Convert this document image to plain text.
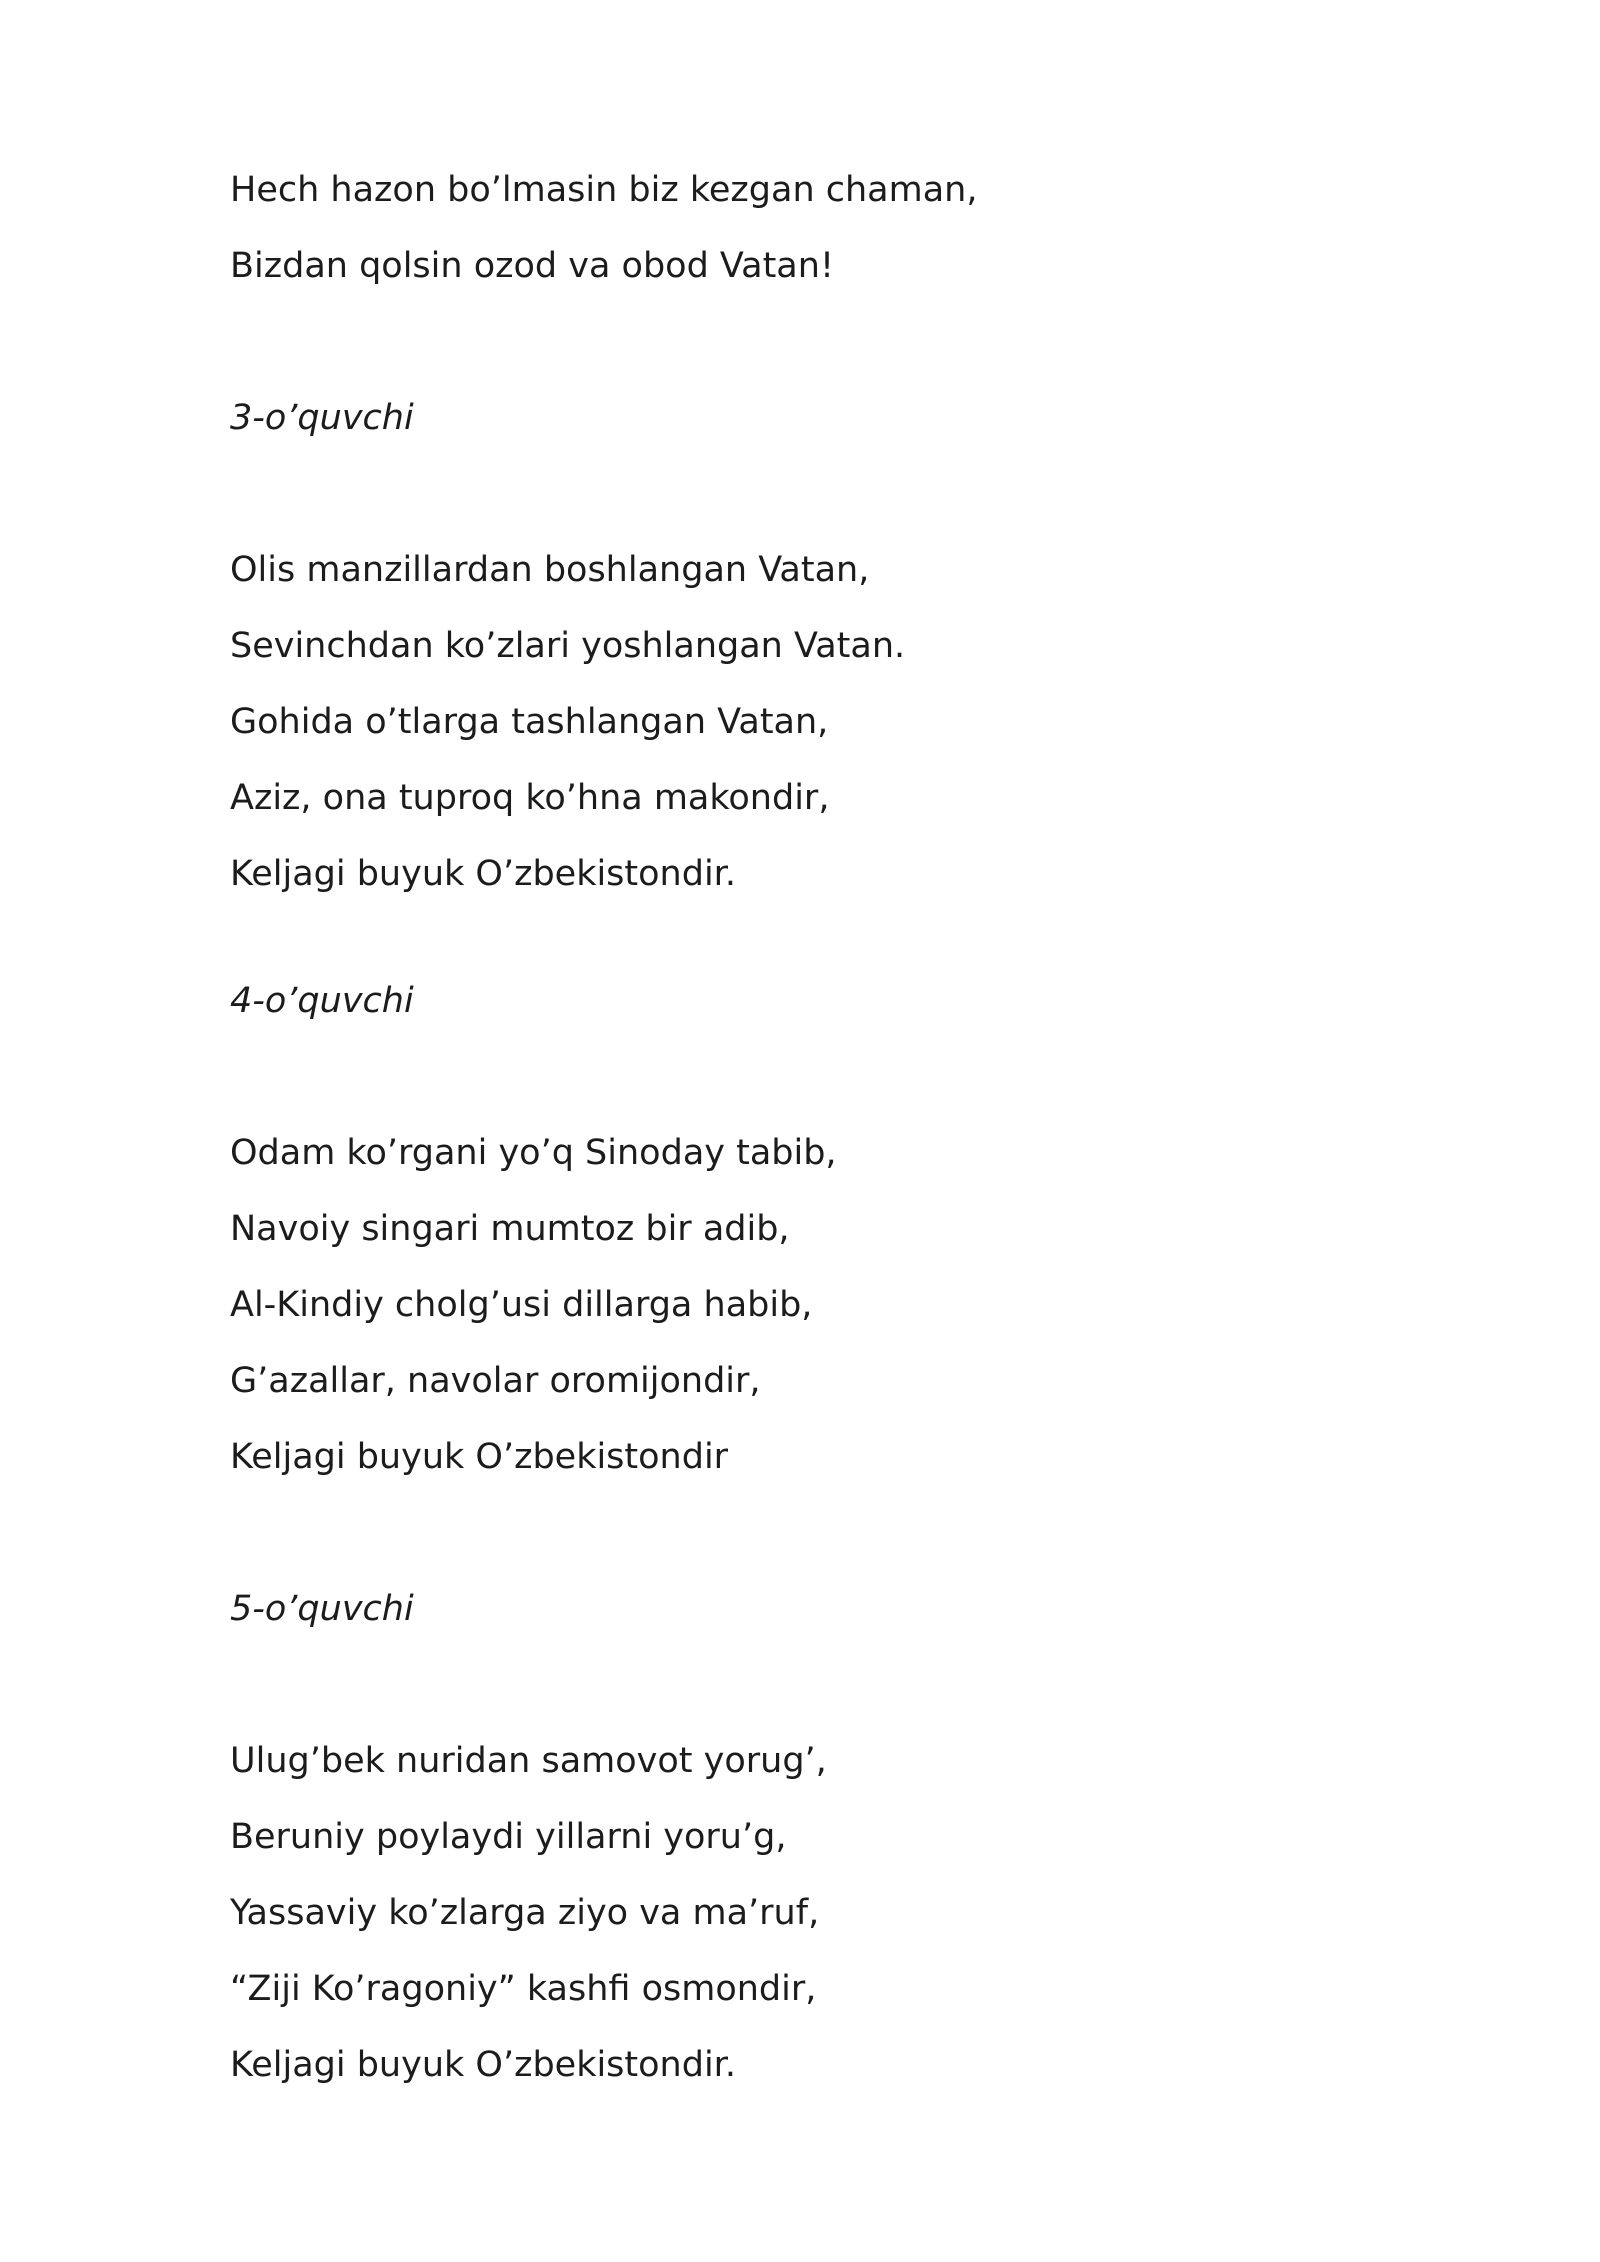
Hech hazon bo’lmasin biz kezgan chaman,
Bizdan qolsin ozod va obod Vatan!
3-o’quvchi
Olis manzillardan boshlangan Vatan,
Sevinchdan ko’zlari yoshlangan Vatan.
Gohida o’tlarga tashlangan Vatan,
Aziz, ona tuproq ko’hna makondir,
Keljagi buyuk O’zbekistondir.
4-o’quvchi
Odam ko’rgani yo’q Sinoday tabib,
Navoiy singari mumtoz bir adib,
Al-Kindiy cholg’usi dillarga habib,
G’azallar, navolar oromijondir,
Keljagi buyuk O’zbekistondir
5-o’quvchi
Ulug’bek nuridan samovot yorug’,
Beruniy poylaydi yillarni yoru’g,
Yassaviy ko’zlarga ziyo va ma’ruf,
“Ziji Ko’ragoniy” kashfi osmondir,
Keljagi buyuk O’zbekistondir.
